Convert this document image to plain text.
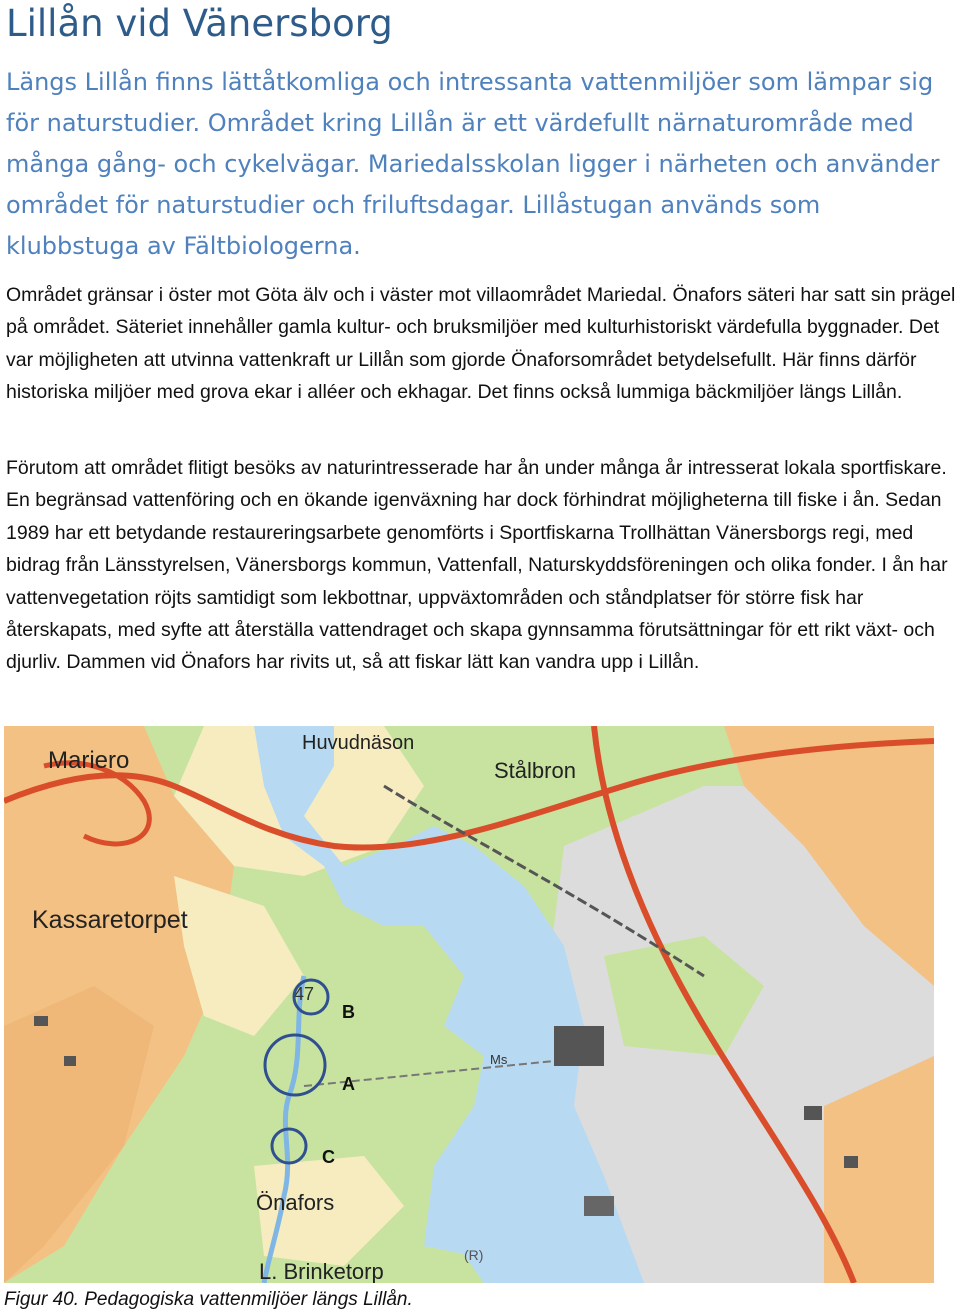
Lillån vid Vänersborg

Längs Lillån finns lättåtkomliga och intressanta vattenmiljöer som lämpar sig för naturstudier. Området kring Lillån är ett värdefullt närnaturområde med många gång- och cykelvägar. Mariedalsskolan ligger i närheten och använder området för naturstudier och friluftsdagar. Lillåstugan används som klubbstuga av Fältbiologerna.

Området gränsar i öster mot Göta älv och i väster mot villaområdet Mariedal. Önafors säteri har satt sin prägel på området. Säteriet innehåller gamla kultur- och bruksmiljöer med kulturhistoriskt värdefulla byggnader. Det var möjligheten att utvinna vattenkraft ur Lillån som gjorde Önaforsområdet betydelsefullt. Här finns därför historiska miljöer med grova ekar i alléer och ekhagar. Det finns också lummiga bäckmiljöer längs Lillån.

Förutom att området flitigt besöks av naturintresserade har ån under många år intresserat lokala sportfiskare. En begränsad vattenföring och en ökande igenväxning har dock förhindrat möjligheterna till fiske i ån. Sedan 1989 har ett betydande restaureringsarbete genomförts i Sportfiskarna Trollhättan Vänersborgs regi, med bidrag från Länsstyrelsen, Vänersborgs kommun, Vattenfall, Naturskyddsföreningen och olika fonder. I ån har vattenvegetation röjts samtidigt som lekbottnar, uppväxtområden och ståndplatser för större fisk har återskapats, med syfte att återställa vattendraget och skapa gynnsamma förutsättningar för ett rikt växt- och djurliv. Dammen vid Önafors har rivits ut, så att fiskar lätt kan vandra upp i Lillån.

Mariero
Huvudnäson
Stålbron
Kassaretorpet
Önafors
L. Brinketorp
47
Ms
(R)
B
A
C

Figur 40. Pedagogiska vattenmiljöer längs Lillån.
